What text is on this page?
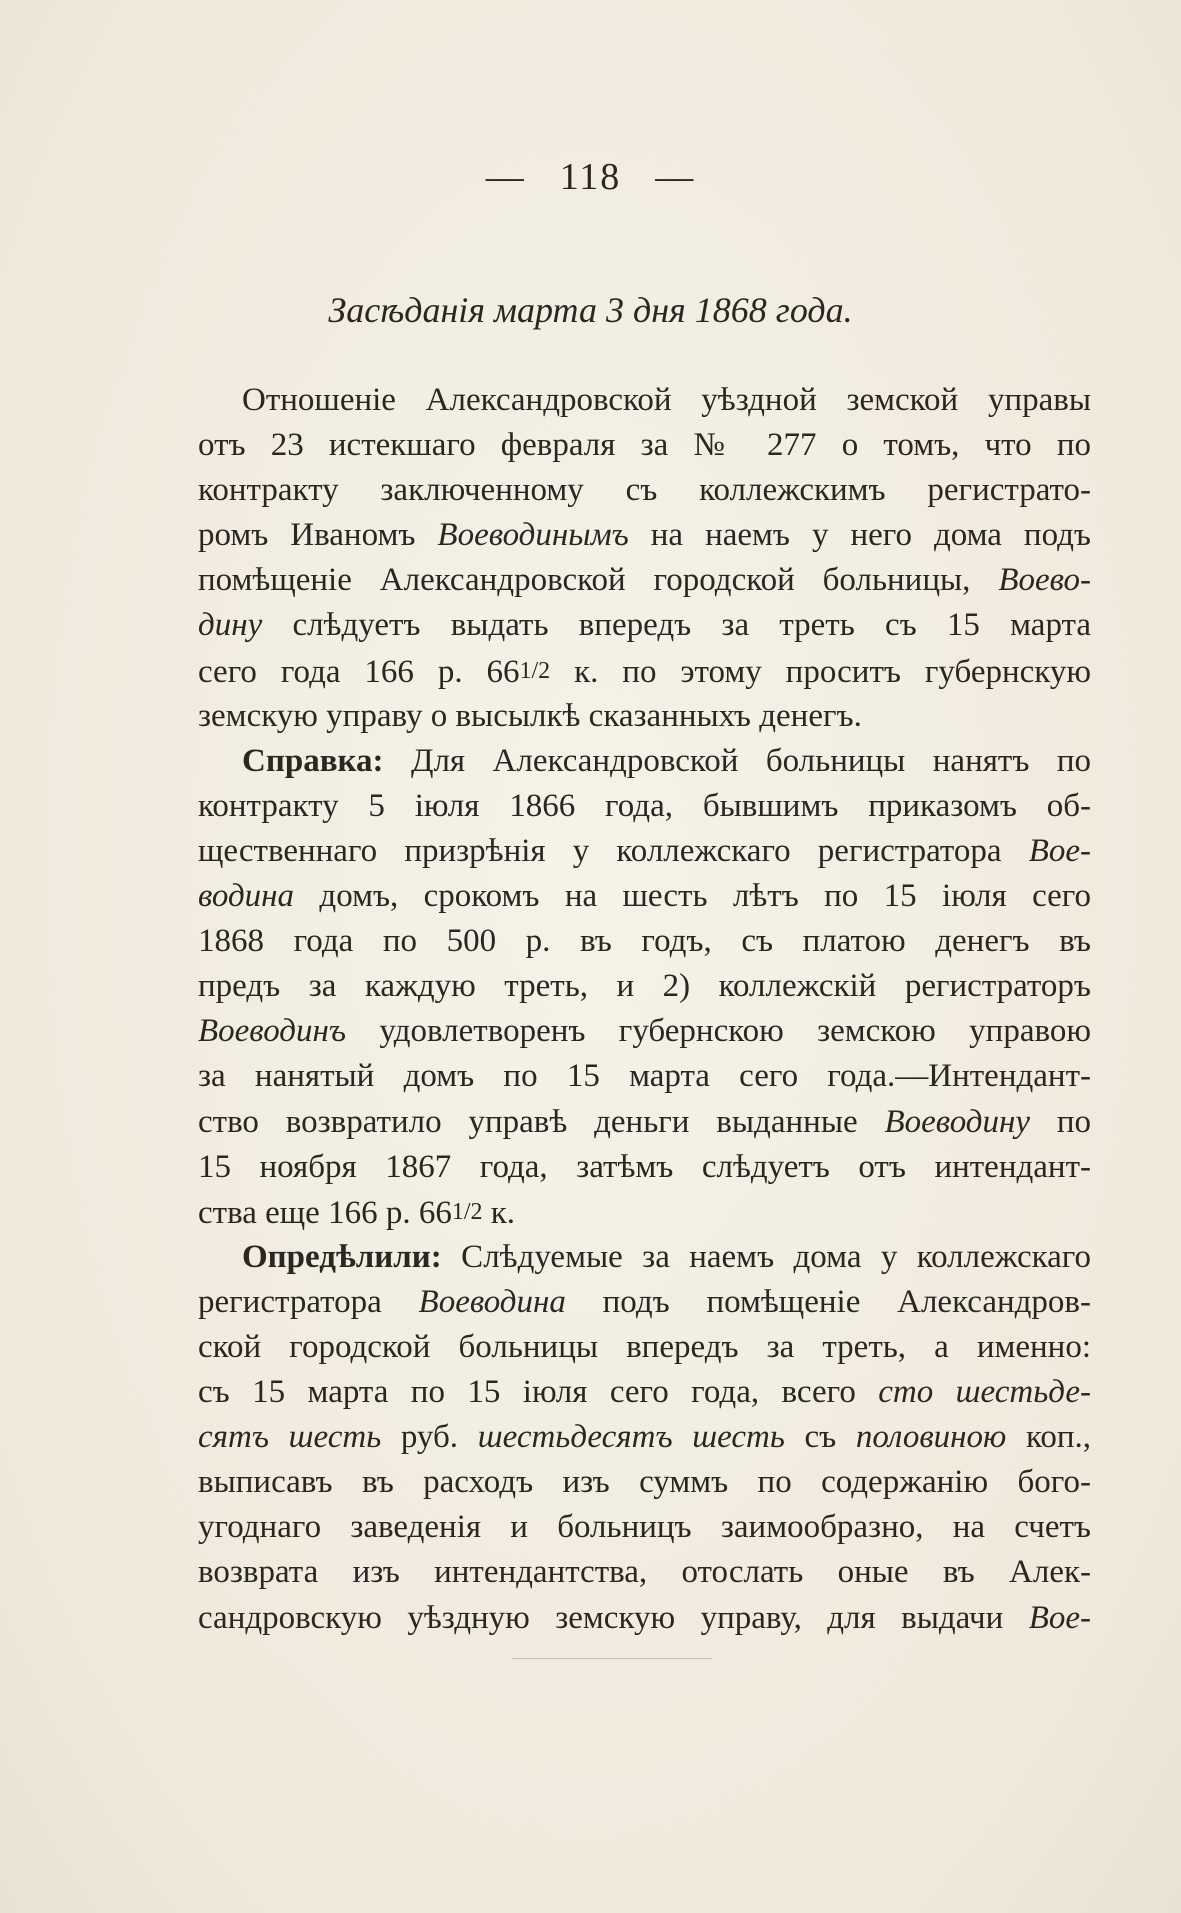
— 118 —
Засѣданія марта 3 дня 1868 года.
Отношеніе Александровской уѣздной земской управы
отъ 23 истекшаго февраля за № 277 о томъ, что по
контракту заключенному съ коллежскимъ регистрато-
ромъ Иваномъ Воеводинымъ на наемъ у него дома подъ
помѣщеніе Александровской городской больницы, Воево-
дину слѣдуетъ выдать впередъ за треть съ 15 марта
сего года 166 р. 661/2 к. по этому проситъ губернскую
земскую управу о высылкѣ сказанныхъ денегъ.
Справка: Для Александровской больницы нанятъ по
контракту 5 іюля 1866 года, бывшимъ приказомъ об-
щественнаго призрѣнія у коллежскаго регистратора Вое-
водина домъ, срокомъ на шесть лѣтъ по 15 іюля сего
1868 года по 500 р. въ годъ, съ платою денегъ въ
предъ за каждую треть, и 2) коллежскій регистраторъ
Воеводинъ удовлетворенъ губернскою земскою управою
за нанятый домъ по 15 марта сего года.—Интендант-
ство возвратило управѣ деньги выданные Воеводину по
15 ноября 1867 года, затѣмъ слѣдуетъ отъ интендант-
ства еще 166 р. 661/2 к.
Опредѣлили: Слѣдуемые за наемъ дома у коллежскаго
регистратора Воеводина подъ помѣщеніе Александров-
ской городской больницы впередъ за треть, а именно:
съ 15 марта по 15 іюля сего года, всего сто шестьде-
сятъ шесть руб. шестьдесятъ шесть съ половиною коп.,
выписавъ въ расходъ изъ суммъ по содержанію бого-
угоднаго заведенія и больницъ заимообразно, на счетъ
возврата изъ интендантства, отослать оные въ Алек-
сандровскую уѣздную земскую управу, для выдачи Вое-
